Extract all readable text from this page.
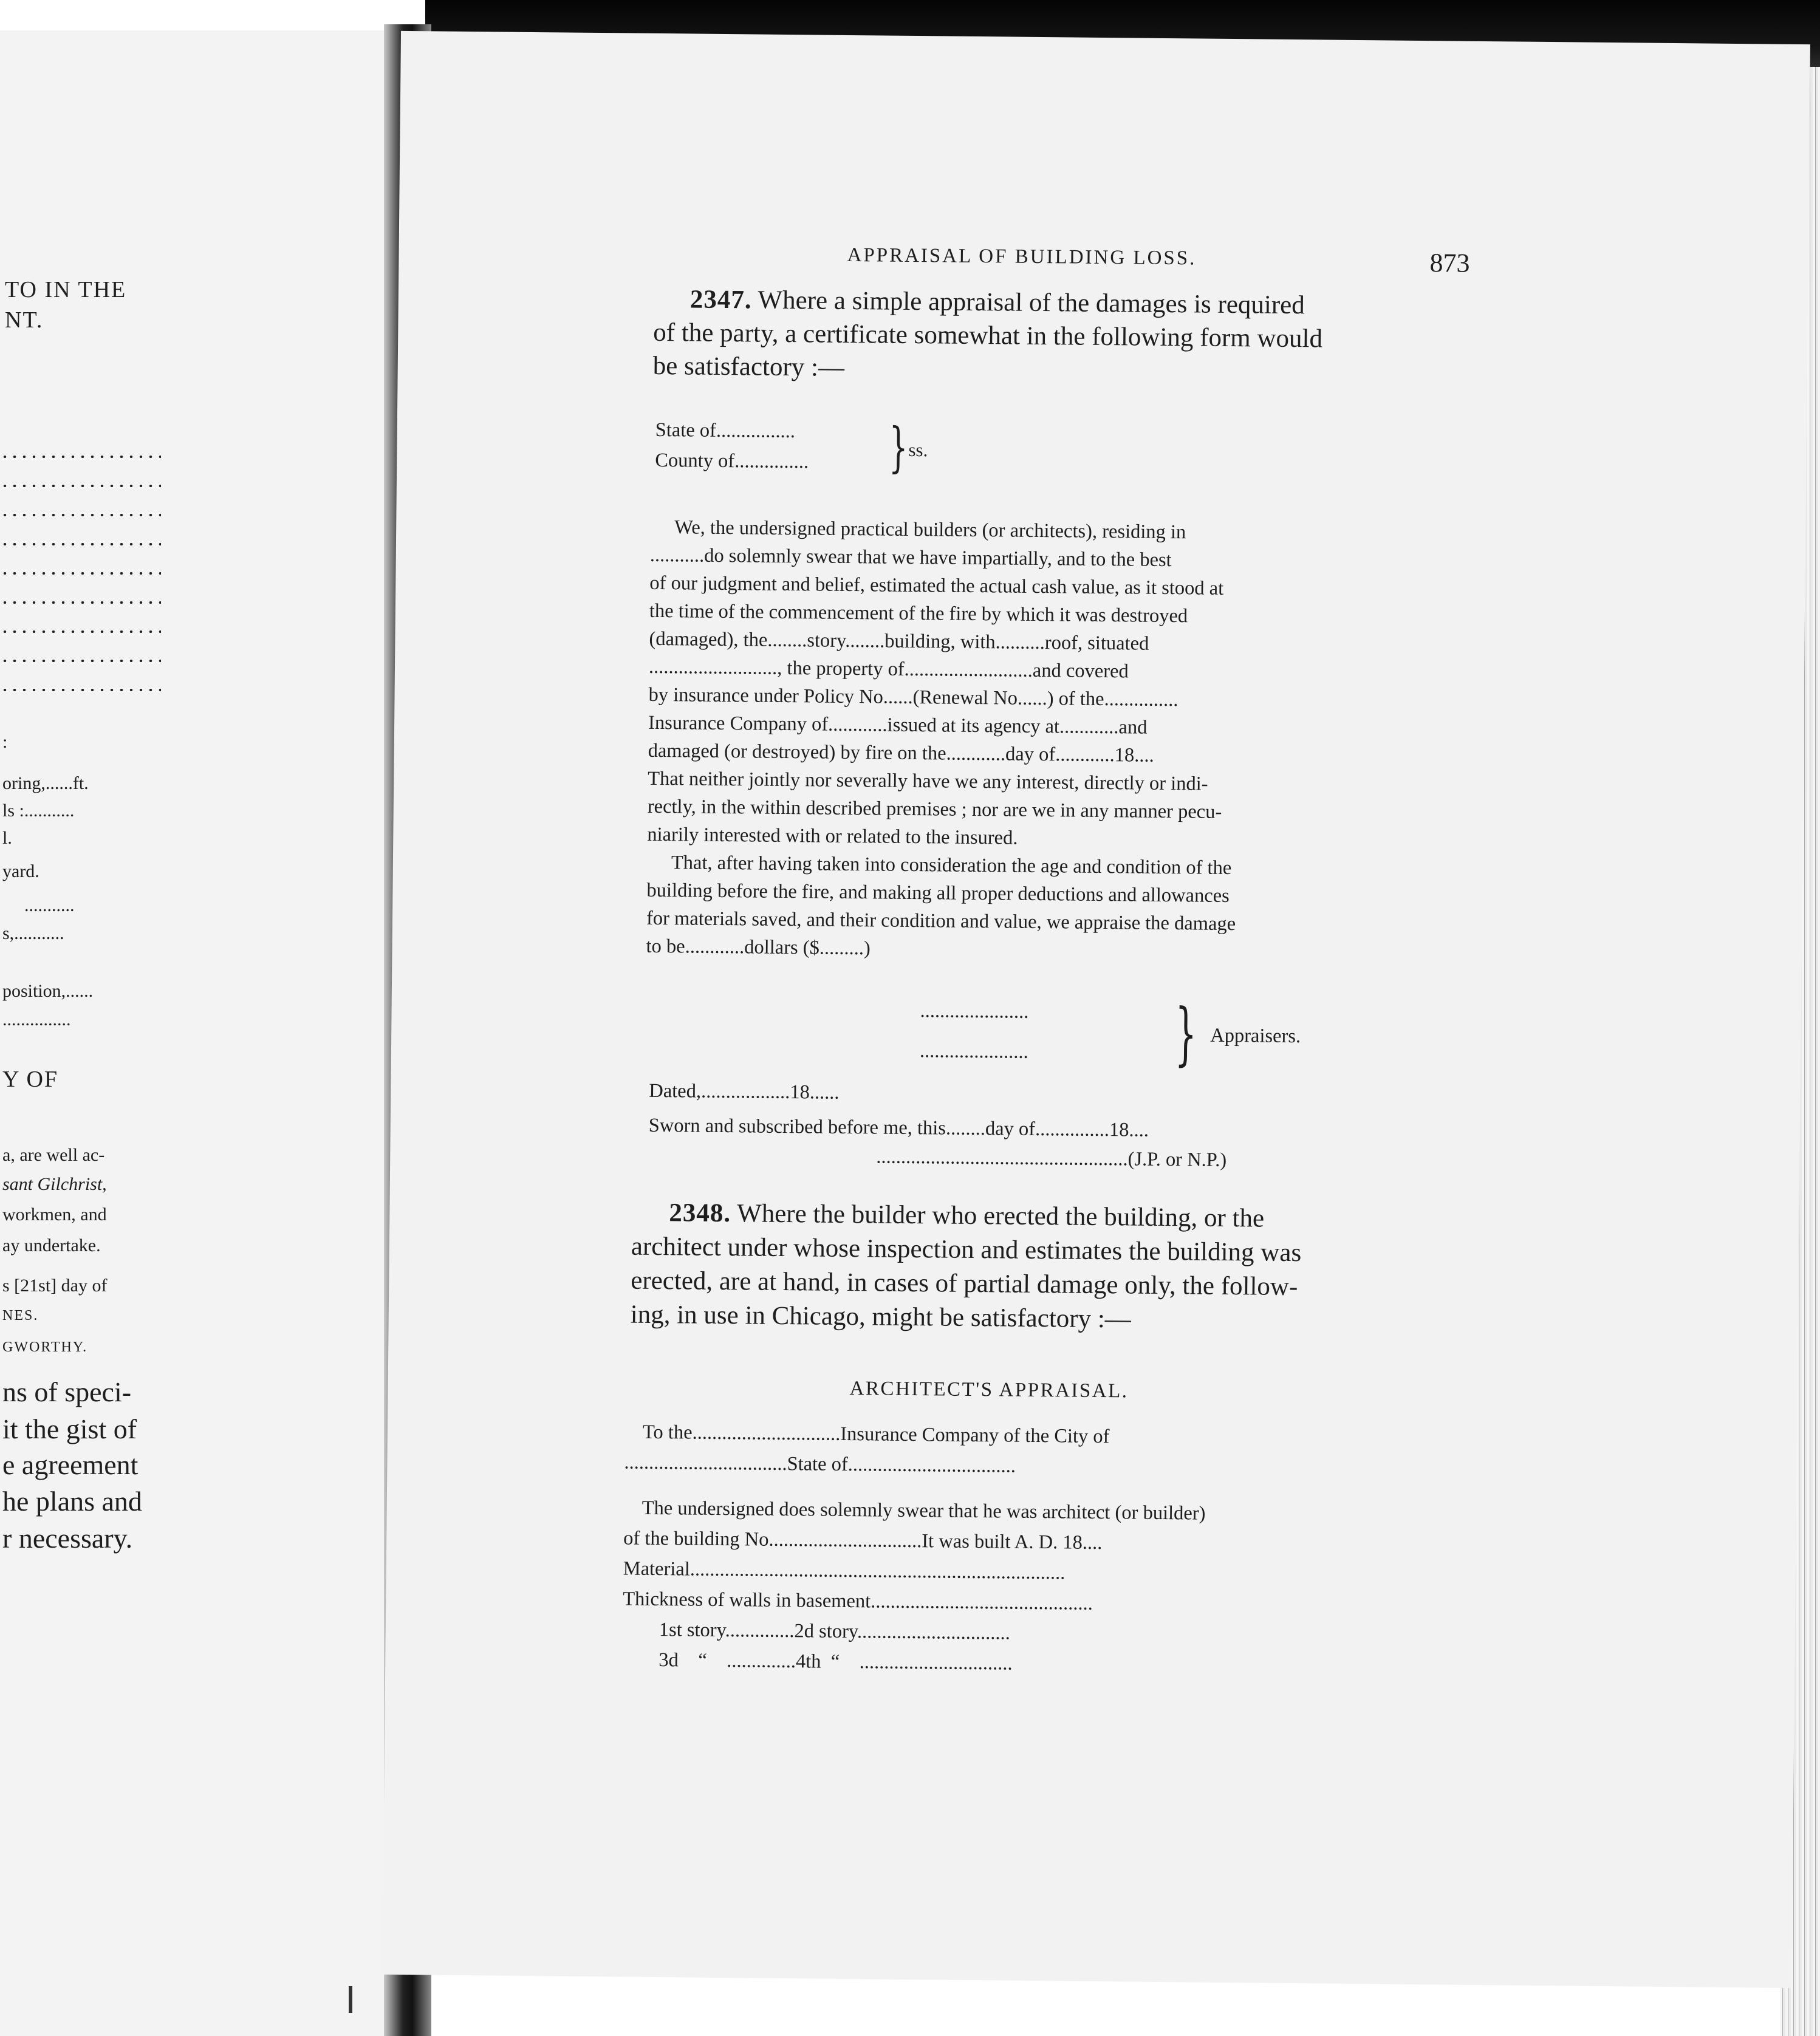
TO IN THE
NT.
:
oring,......ft.
ls :...........
l.
yard.
...........
s,...........
position,......
...............
Y OF
a, are well ac-
sant Gilchrist,
workmen, and
ay undertake.
s [21st] day of
NES.
GWORTHY.
ns of speci-
it the gist of
e agreement
he plans and
r necessary.
APPRAISAL OF BUILDING LOSS.	873
2347. Where a simple appraisal of the damages is required
of the party, a certificate somewhat in the following form would
be satisfactory :—
State of................
County of............... } ss.
We, the undersigned practical builders (or architects), residing in
...........do solemnly swear that we have impartially, and to the best
of our judgment and belief, estimated the actual cash value, as it stood at
the time of the commencement of the fire by which it was destroyed
(damaged), the........story........building, with..........roof, situated
.........................., the property of..........................and covered
by insurance under Policy No......(Renewal No......) of the...............
Insurance Company of............issued at its agency at............and
damaged (or destroyed) by fire on the............day of............18....
That neither jointly nor severally have we any interest, directly or indi-
rectly, in the within described premises ; nor are we in any manner pecu-
niarily interested with or related to the insured.
That, after having taken into consideration the age and condition of the
building before the fire, and making all proper deductions and allowances
for materials saved, and their condition and value, we appraise the damage
to be............dollars ($.........)
......................
...................... } Appraisers.
Dated,..................18......
Sworn and subscribed before me, this........day of...............18....
...................................................(J.P. or N.P.)
2348. Where the builder who erected the building, or the
architect under whose inspection and estimates the building was
erected, are at hand, in cases of partial damage only, the follow-
ing, in use in Chicago, might be satisfactory :—
ARCHITECT'S APPRAISAL.
To the..............................Insurance Company of the City of
.................................State of..................................
The undersigned does solemnly swear that he was architect (or builder)
of the building No...............................It was built A. D. 18....
Material............................................................................
Thickness of walls in basement.............................................
1st story..............2d story...............................
3d    “    ..............4th  “    ...............................
